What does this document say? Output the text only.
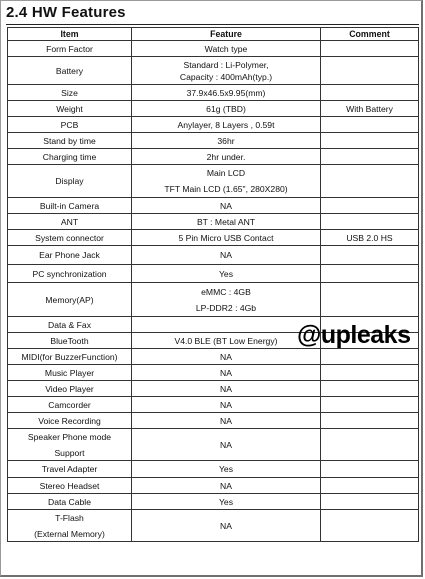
2.4 HW Features
Item	Feature	Comment

Form Factor	Watch type	

Battery	Standard : Li-Polymer,
Capacity : 400mAh(typ.)	

Size	37.9x46.5x9.95(mm)	

Weight	61g (TBD)	With Battery

PCB	Anylayer, 8 Layers , 0.59t	

Stand by time	36hr	

Charging time	2hr under.	

Display	Main LCD
TFT Main LCD (1.65", 280X280)	

Built-in Camera	NA	

ANT	BT : Metal ANT	

System connector	5 Pin Micro USB Contact	USB 2.0 HS

Ear Phone Jack	NA	

PC synchronization	Yes	

Memory(AP)	eMMC : 4GB
LP-DDR2 : 4Gb	

Data & Fax		

BlueTooth	V4.0 BLE (BT Low Energy)	

MIDI(for BuzzerFunction)	NA	

Music Player	NA	

Video Player	NA	

Camcorder	NA	

Voice Recording	NA	

Speaker Phone mode
Support	NA	

Travel Adapter	Yes	

Stereo Headset	NA	

Data Cable	Yes	

T-Flash
(External Memory)	NA	

@upleaks
